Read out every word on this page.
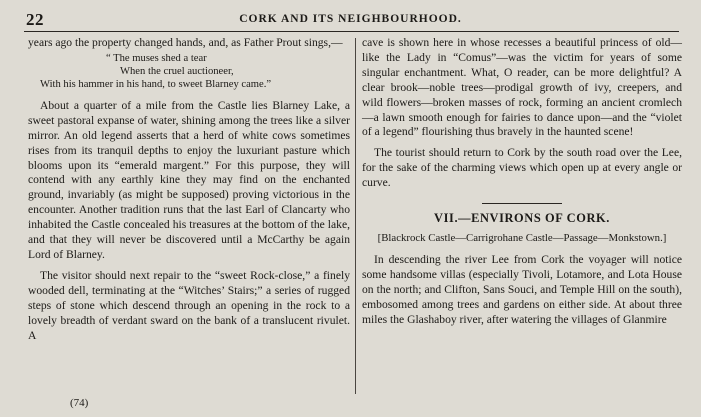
22	CORK AND ITS NEIGHBOURHOOD.

years ago the property changed hands, and, as Father Prout sings,—

“ The muses shed a tear
When the cruel auctioneer,
With his hammer in his hand, to sweet Blarney came.”

About a quarter of a mile from the Castle lies Blarney Lake, a sweet pastoral expanse of water, shining among the trees like a silver mirror. An old legend asserts that a herd of white cows sometimes rises from its tranquil depths to enjoy the luxuriant pasture which blooms upon its “emerald margent.” For this purpose, they will contend with any earthly kine they may find on the enchanted ground, invariably (as might be supposed) proving victorious in the encounter. Another tradition runs that the last Earl of Clancarty who inhabited the Castle concealed his treasures at the bottom of the lake, and that they will never be discovered until a McCarthy be again Lord of Blarney.

The visitor should next repair to the “sweet Rock-close,” a finely wooded dell, terminating at the “Witches’ Stairs;” a series of rugged steps of stone which descend through an opening in the rock to a lovely breadth of verdant sward on the bank of a translucent rivulet. A

cave is shown here in whose recesses a beautiful princess of old—like the Lady in “Comus”—was the victim for years of some singular enchantment. What, O reader, can be more delightful? A clear brook—noble trees—prodigal growth of ivy, creepers, and wild flowers—broken masses of rock, forming an ancient cromlech—a lawn smooth enough for fairies to dance upon—and the “violet of a legend” flourishing thus bravely in the haunted scene!

The tourist should return to Cork by the south road over the Lee, for the sake of the charming views which open up at every angle or curve.

VII.—ENVIRONS OF CORK.
[Blackrock Castle—Carrigrohane Castle—Passage—Monkstown.]

In descending the river Lee from Cork the voyager will notice some handsome villas (especially Tivoli, Lotamore, and Lota House on the north; and Clifton, Sans Souci, and Temple Hill on the south), embosomed among trees and gardens on either side. At about three miles the Glashaboy river, after watering the villages of Glanmire

(74)
